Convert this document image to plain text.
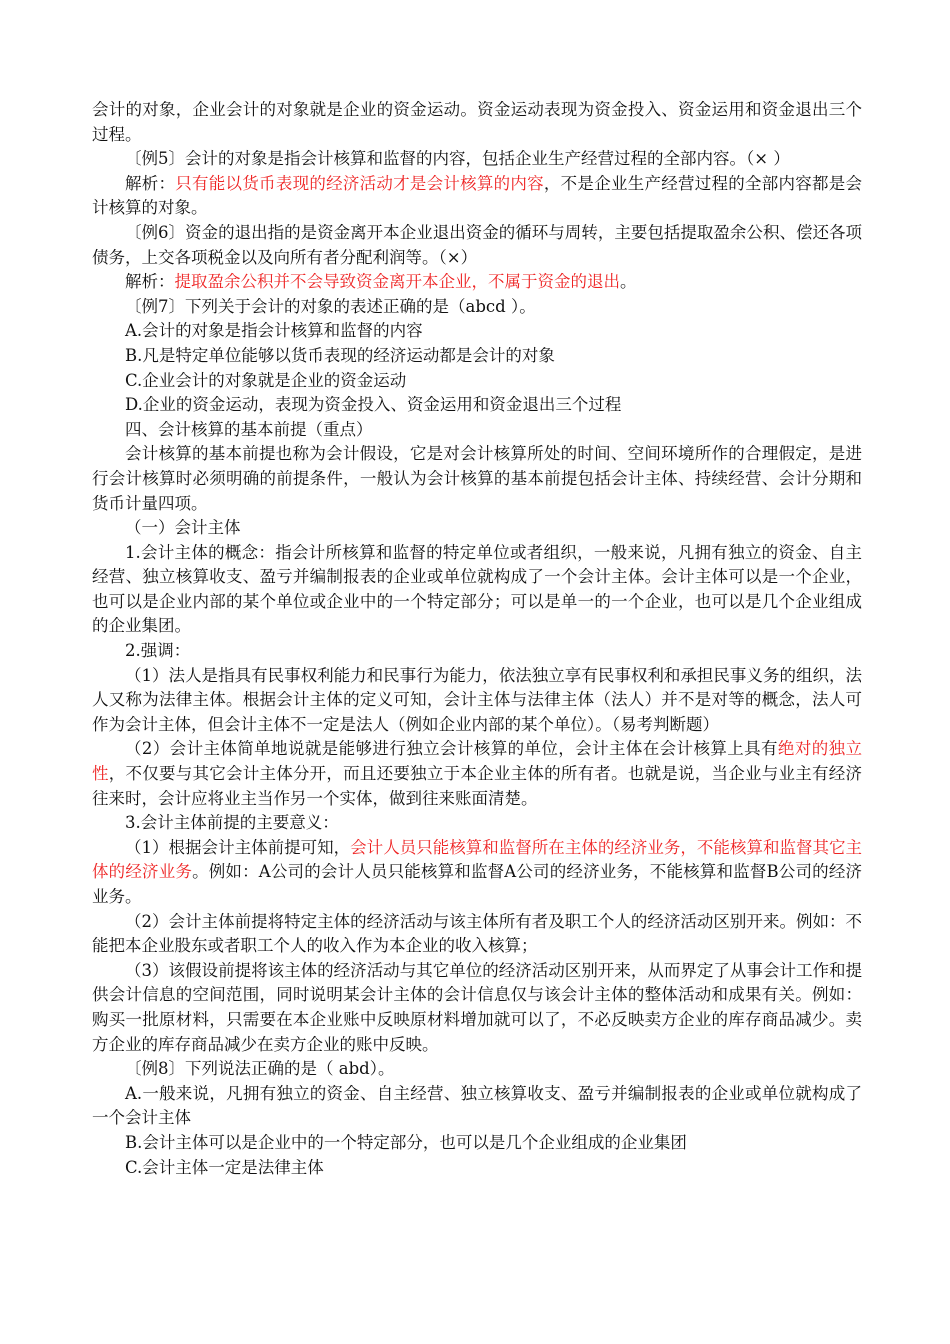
会计的对象，企业会计的对象就是企业的资金运动。资金运动表现为资金投入、资金运用和资金退出三个过程。

〔例5〕会计的对象是指会计核算和监督的内容，包括企业生产经营过程的全部内容。（× ）

解析：只有能以货币表现的经济活动才是会计核算的内容，不是企业生产经营过程的全部内容都是会计核算的对象。

〔例6〕资金的退出指的是资金离开本企业退出资金的循环与周转，主要包括提取盈余公积、偿还各项债务，上交各项税金以及向所有者分配利润等。（×）

解析：提取盈余公积并不会导致资金离开本企业，不属于资金的退出。

〔例7〕下列关于会计的对象的表述正确的是（abcd ）。

A.会计的对象是指会计核算和监督的内容

B.凡是特定单位能够以货币表现的经济运动都是会计的对象

C.企业会计的对象就是企业的资金运动

D.企业的资金运动，表现为资金投入、资金运用和资金退出三个过程

四、会计核算的基本前提（重点）

会计核算的基本前提也称为会计假设，它是对会计核算所处的时间、空间环境所作的合理假定，是进行会计核算时必须明确的前提条件，一般认为会计核算的基本前提包括会计主体、持续经营、会计分期和货币计量四项。

（一）会计主体

1.会计主体的概念：指会计所核算和监督的特定单位或者组织，一般来说，凡拥有独立的资金、自主经营、独立核算收支、盈亏并编制报表的企业或单位就构成了一个会计主体。会计主体可以是一个企业，也可以是企业内部的某个单位或企业中的一个特定部分；可以是单一的一个企业，也可以是几个企业组成的企业集团。

2.强调：

（1）法人是指具有民事权利能力和民事行为能力，依法独立享有民事权利和承担民事义务的组织，法人又称为法律主体。根据会计主体的定义可知，会计主体与法律主体（法人）并不是对等的概念，法人可作为会计主体，但会计主体不一定是法人（例如企业内部的某个单位）。（易考判断题）

（2）会计主体简单地说就是能够进行独立会计核算的单位，会计主体在会计核算上具有绝对的独立性，不仅要与其它会计主体分开，而且还要独立于本企业主体的所有者。也就是说，当企业与业主有经济往来时，会计应将业主当作另一个实体，做到往来账面清楚。

3.会计主体前提的主要意义：

（1）根据会计主体前提可知，会计人员只能核算和监督所在主体的经济业务，不能核算和监督其它主体的经济业务。例如：A公司的会计人员只能核算和监督A公司的经济业务，不能核算和监督B公司的经济业务。

（2）会计主体前提将特定主体的经济活动与该主体所有者及职工个人的经济活动区别开来。例如：不能把本企业股东或者职工个人的收入作为本企业的收入核算；

（3）该假设前提将该主体的经济活动与其它单位的经济活动区别开来，从而界定了从事会计工作和提供会计信息的空间范围，同时说明某会计主体的会计信息仅与该会计主体的整体活动和成果有关。例如：购买一批原材料，只需要在本企业账中反映原材料增加就可以了，不必反映卖方企业的库存商品减少。卖方企业的库存商品减少在卖方企业的账中反映。

〔例8〕下列说法正确的是（ abd）。

A.一般来说，凡拥有独立的资金、自主经营、独立核算收支、盈亏并编制报表的企业或单位就构成了一个会计主体

B.会计主体可以是企业中的一个特定部分，也可以是几个企业组成的企业集团

C.会计主体一定是法律主体
